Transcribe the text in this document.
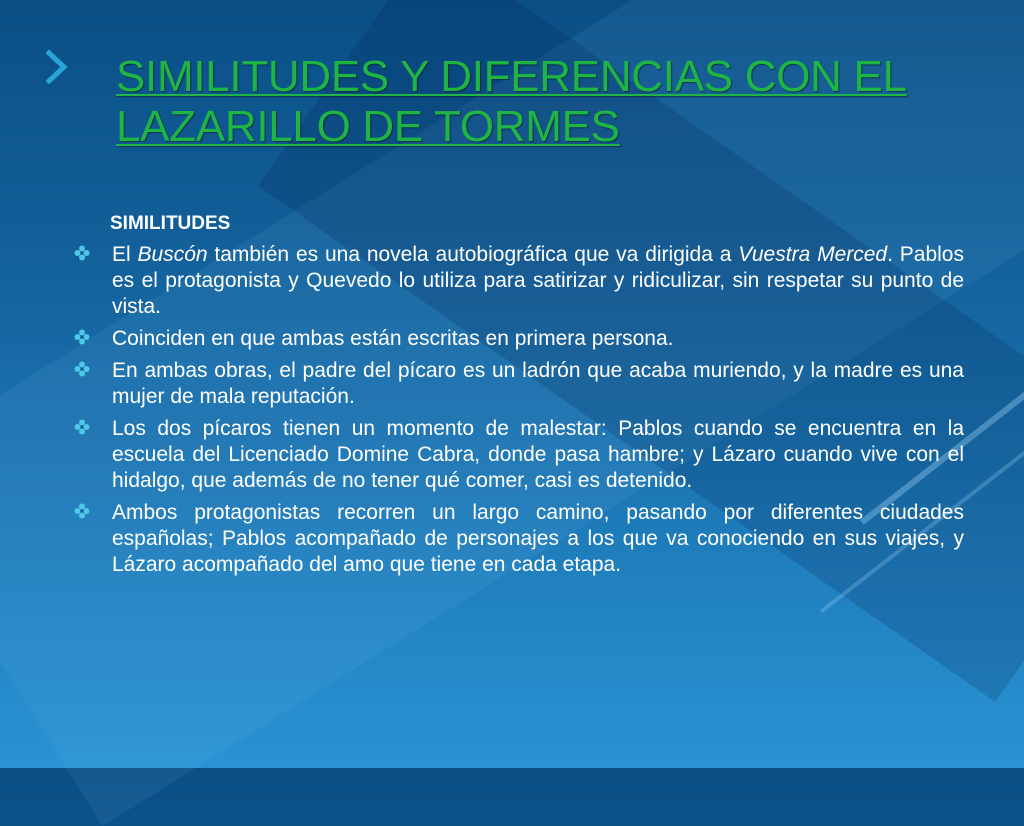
SIMILITUDES Y DIFERENCIAS CON EL LAZARILLO DE TORMES
SIMILITUDES
El Buscón también es una novela autobiográfica que va dirigida a Vuestra Merced. Pablos es el protagonista y Quevedo lo utiliza para satirizar y ridiculizar, sin respetar su punto de vista.
Coinciden en que ambas están escritas en primera persona.
En ambas obras, el padre del pícaro es un ladrón que acaba muriendo, y la madre es una mujer de mala reputación.
Los dos pícaros tienen un momento de malestar: Pablos cuando se encuentra en la escuela del Licenciado Domine Cabra, donde pasa hambre; y Lázaro cuando vive con el hidalgo, que además de no tener qué comer, casi es detenido.
Ambos protagonistas recorren un largo camino, pasando por diferentes ciudades españolas; Pablos acompañado de personajes a los que va conociendo en sus viajes, y Lázaro acompañado del amo que tiene en cada etapa.
